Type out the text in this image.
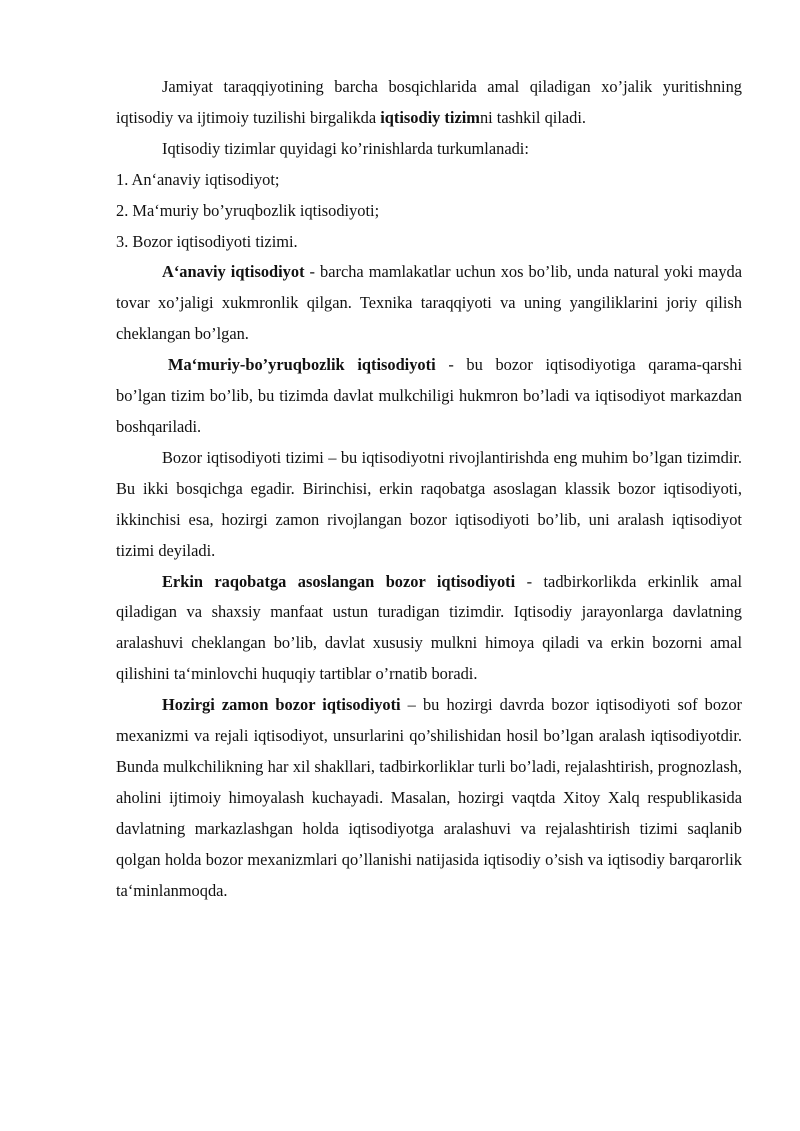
Jamiyat taraqqiyotining barcha bosqichlarida amal qiladigan xo’jalik yuritishning iqtisodiy va ijtimoiy tuzilishi birgalikda iqtisodiy tizimni tashkil qiladi.

Iqtisodiy tizimlar quyidagi ko’rinishlarda turkumlanadi:

1. An‘anaviy iqtisodiyot;

2. Ma‘muriy bo’yruqbozlik iqtisodiyoti;

3. Bozor iqtisodiyoti tizimi.

A‘anaviy iqtisodiyot - barcha mamlakatlar uchun xos bo’lib, unda natural yoki mayda tovar xo’jaligi xukmronlik qilgan. Texnika taraqqiyoti va uning yangiliklarini joriy qilish cheklangan bo’lgan.

Ma‘muriy-bo’yruqbozlik iqtisodiyoti - bu bozor iqtisodiyotiga qarama-qarshi bo’lgan tizim bo’lib, bu tizimda davlat mulkchiligi hukmron bo’ladi va iqtisodiyot markazdan boshqariladi.

Bozor iqtisodiyoti tizimi – bu iqtisodiyotni rivojlantirishda eng muhim bo’lgan tizimdir. Bu ikki bosqichga egadir. Birinchisi, erkin raqobatga asoslagan klassik bozor iqtisodiyoti, ikkinchisi esa, hozirgi zamon rivojlangan bozor iqtisodiyoti bo’lib, uni aralash iqtisodiyot tizimi deyiladi.

Erkin raqobatga asoslangan bozor iqtisodiyoti - tadbirkorlikda erkinlik amal qiladigan va shaxsiy manfaat ustun turadigan tizimdir. Iqtisodiy jarayonlarga davlatning aralashuvi cheklangan bo’lib, davlat xususiy mulkni himoya qiladi va erkin bozorni amal qilishini ta‘minlovchi huquqiy tartiblar o’rnatib boradi.

Hozirgi zamon bozor iqtisodiyoti – bu hozirgi davrda bozor iqtisodiyoti sof bozor mexanizmi va rejali iqtisodiyot, unsurlarini qo’shilishidan hosil bo’lgan aralash iqtisodiyotdir. Bunda mulkchilikning har xil shakllari, tadbirkorliklar turli bo’ladi, rejalashtirish, prognozlash, aholini ijtimoiy himoyalash kuchayadi. Masalan, hozirgi vaqtda Xitoy Xalq respublikasida davlatning markazlashgan holda iqtisodiyotga aralashuvi va rejalashtirish tizimi saqlanib qolgan holda bozor mexanizmlari qo’llanishi natijasida iqtisodiy o’sish va iqtisodiy barqarorlik ta‘minlanmoqda.
